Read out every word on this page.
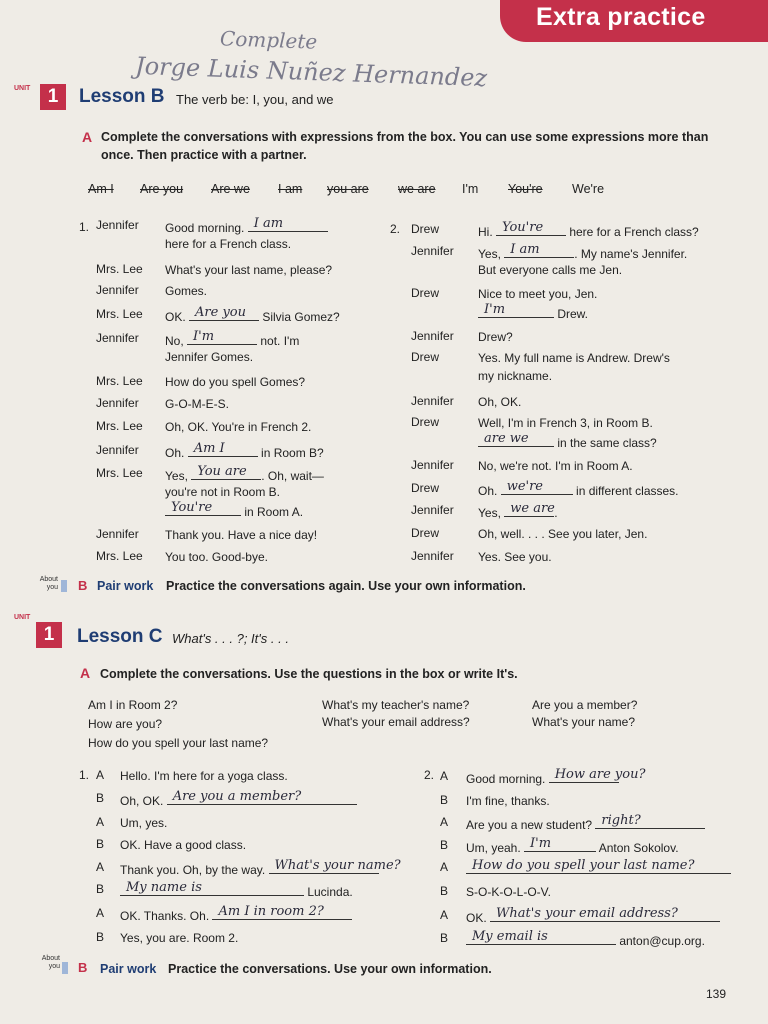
Extra practice
Complete
Jorge Luis Nuñez Hernandez
UNIT 1	Lesson B The verb be: I, you, and we
A Complete the conversations with expressions from the box. You can use some expressions more than once. Then practice with a partner.
Am I Are you Are we I am you are we are I'm You're We're
1. Jennifer Good morning. I am
here for a French class.
Mrs. Lee What's your last name, please?
Jennifer Gomes.
Mrs. Lee OK. Are you Silvia Gomez?
Jennifer No, I'm	not. I'm
Jennifer Gomes.
Mrs. Lee How do you spell Gomes?
Jennifer G-O-M-E-S.
Mrs. Lee Oh, OK. You're in French 2.
Jennifer Oh. Am I	in Room B?
Mrs. Lee Yes, You are . Oh, wait—
you're not in Room B.
You're in Room A.
Jennifer Thank you. Have a nice day!
Mrs. Lee You too. Good-bye.
2. Drew	Hi. You're here for a French class?
Jennifer Yes, I am	. My name's Jennifer.
But everyone calls me Jen.
Drew	Nice to meet you, Jen.
I'm	Drew.
Jennifer Drew?
Drew	Yes. My full name is Andrew. Drew's
my nickname.
Jennifer Oh, OK.
Drew	Well, I'm in French 3, in Room B.
are we in the same class?
Jennifer No, we're not. I'm in Room A.
Drew	Oh. we're in different classes.
Jennifer Yes, we are .
Drew	Oh, well. . . . See you later, Jen.
Jennifer Yes. See you.
About you B Pair work Practice the conversations again. Use your own information.
UNIT
1	Lesson C What's . . . ?; It's . . .
A Complete the conversations. Use the questions in the box or write It's.
Am I in Room 2?
How are you?
How do you spell your last name?
What's my teacher's name?
What's your email address?
Are you a member?
What's your name?
1. A Hello. I'm here for a yoga class.
B Oh, OK. Are you a member?
A Um, yes.
B OK. Have a good class.
A Thank you. Oh, by the way. What's your name?
B My name is	Lucinda.
A OK. Thanks. Oh. Am I in room 2?
B Yes, you are. Room 2.
2. A Good morning. How are you?
B I'm fine, thanks.
A Are you a new student? right?
B Um, yeah. I'm	Anton Sokolov.
A How do you spell your last name?
B S-O-K-O-L-O-V.
A OK. What's your email address?
B My email is	anton@cup.org.
About you B Pair work Practice the conversations. Use your own information.
139
